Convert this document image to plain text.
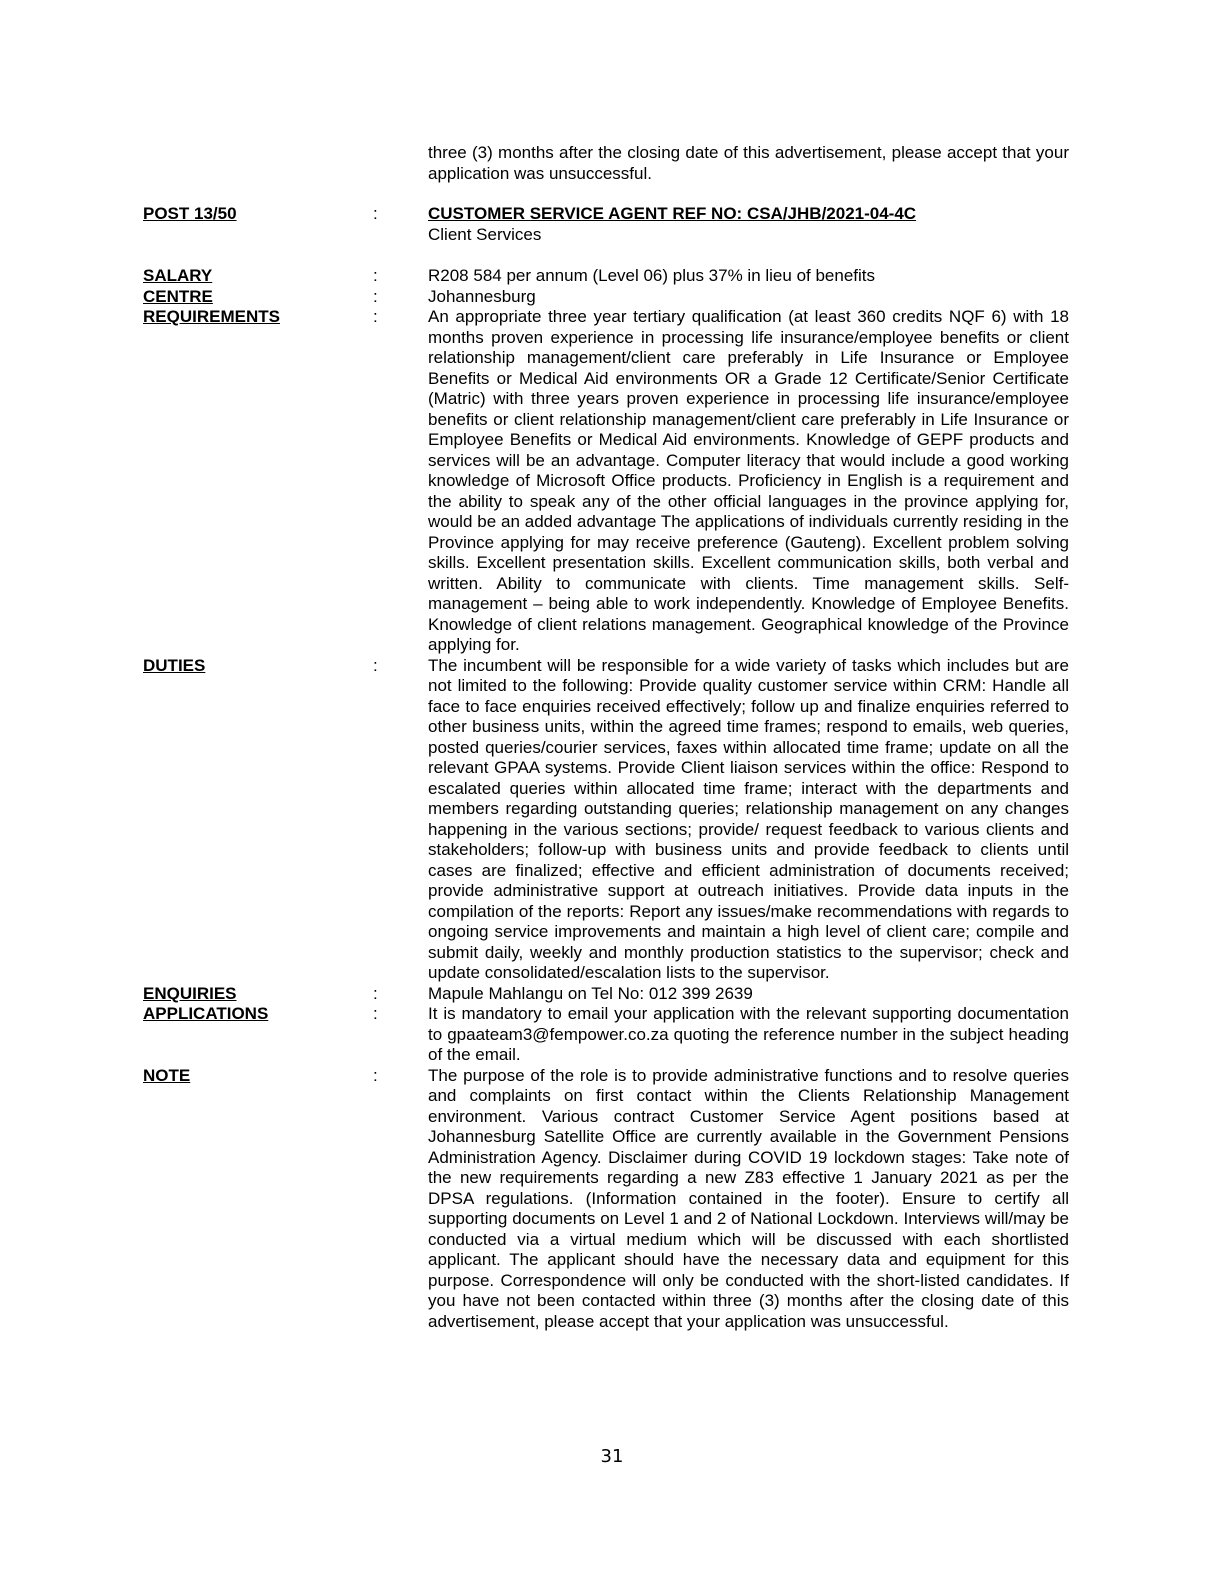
three (3) months after the closing date of this advertisement, please accept that your application was unsuccessful.
POST 13/50	:	CUSTOMER SERVICE AGENT REF NO: CSA/JHB/2021-04-4C
Client Services
SALARY	:	R208 584 per annum (Level 06) plus 37% in lieu of benefits
CENTRE	:	Johannesburg
REQUIREMENTS	:	An appropriate three year tertiary qualification (at least 360 credits NQF 6) with 18 months proven experience in processing life insurance/employee benefits or client relationship management/client care preferably in Life Insurance or Employee Benefits or Medical Aid environments OR a Grade 12 Certificate/Senior Certificate (Matric) with three years proven experience in processing life insurance/employee benefits or client relationship management/client care preferably in Life Insurance or Employee Benefits or Medical Aid environments. Knowledge of GEPF products and services will be an advantage. Computer literacy that would include a good working knowledge of Microsoft Office products. Proficiency in English is a requirement and the ability to speak any of the other official languages in the province applying for, would be an added advantage The applications of individuals currently residing in the Province applying for may receive preference (Gauteng). Excellent problem solving skills. Excellent presentation skills. Excellent communication skills, both verbal and written. Ability to communicate with clients. Time management skills. Self-management – being able to work independently. Knowledge of Employee Benefits. Knowledge of client relations management. Geographical knowledge of the Province applying for.
DUTIES	:	The incumbent will be responsible for a wide variety of tasks which includes but are not limited to the following: Provide quality customer service within CRM: Handle all face to face enquiries received effectively; follow up and finalize enquiries referred to other business units, within the agreed time frames; respond to emails, web queries, posted queries/courier services, faxes within allocated time frame; update on all the relevant GPAA systems. Provide Client liaison services within the office: Respond to escalated queries within allocated time frame; interact with the departments and members regarding outstanding queries; relationship management on any changes happening in the various sections; provide/ request feedback to various clients and stakeholders; follow-up with business units and provide feedback to clients until cases are finalized; effective and efficient administration of documents received; provide administrative support at outreach initiatives. Provide data inputs in the compilation of the reports: Report any issues/make recommendations with regards to ongoing service improvements and maintain a high level of client care; compile and submit daily, weekly and monthly production statistics to the supervisor; check and update consolidated/escalation lists to the supervisor.
ENQUIRIES	:	Mapule Mahlangu on Tel No: 012 399 2639
APPLICATIONS	:	It is mandatory to email your application with the relevant supporting documentation to gpaateam3@fempower.co.za quoting the reference number in the subject heading of the email.
NOTE	:	The purpose of the role is to provide administrative functions and to resolve queries and complaints on first contact within the Clients Relationship Management environment. Various contract Customer Service Agent positions based at Johannesburg Satellite Office are currently available in the Government Pensions Administration Agency. Disclaimer during COVID 19 lockdown stages: Take note of the new requirements regarding a new Z83 effective 1 January 2021 as per the DPSA regulations. (Information contained in the footer). Ensure to certify all supporting documents on Level 1 and 2 of National Lockdown. Interviews will/may be conducted via a virtual medium which will be discussed with each shortlisted applicant. The applicant should have the necessary data and equipment for this purpose. Correspondence will only be conducted with the short-listed candidates. If you have not been contacted within three (3) months after the closing date of this advertisement, please accept that your application was unsuccessful.
31
